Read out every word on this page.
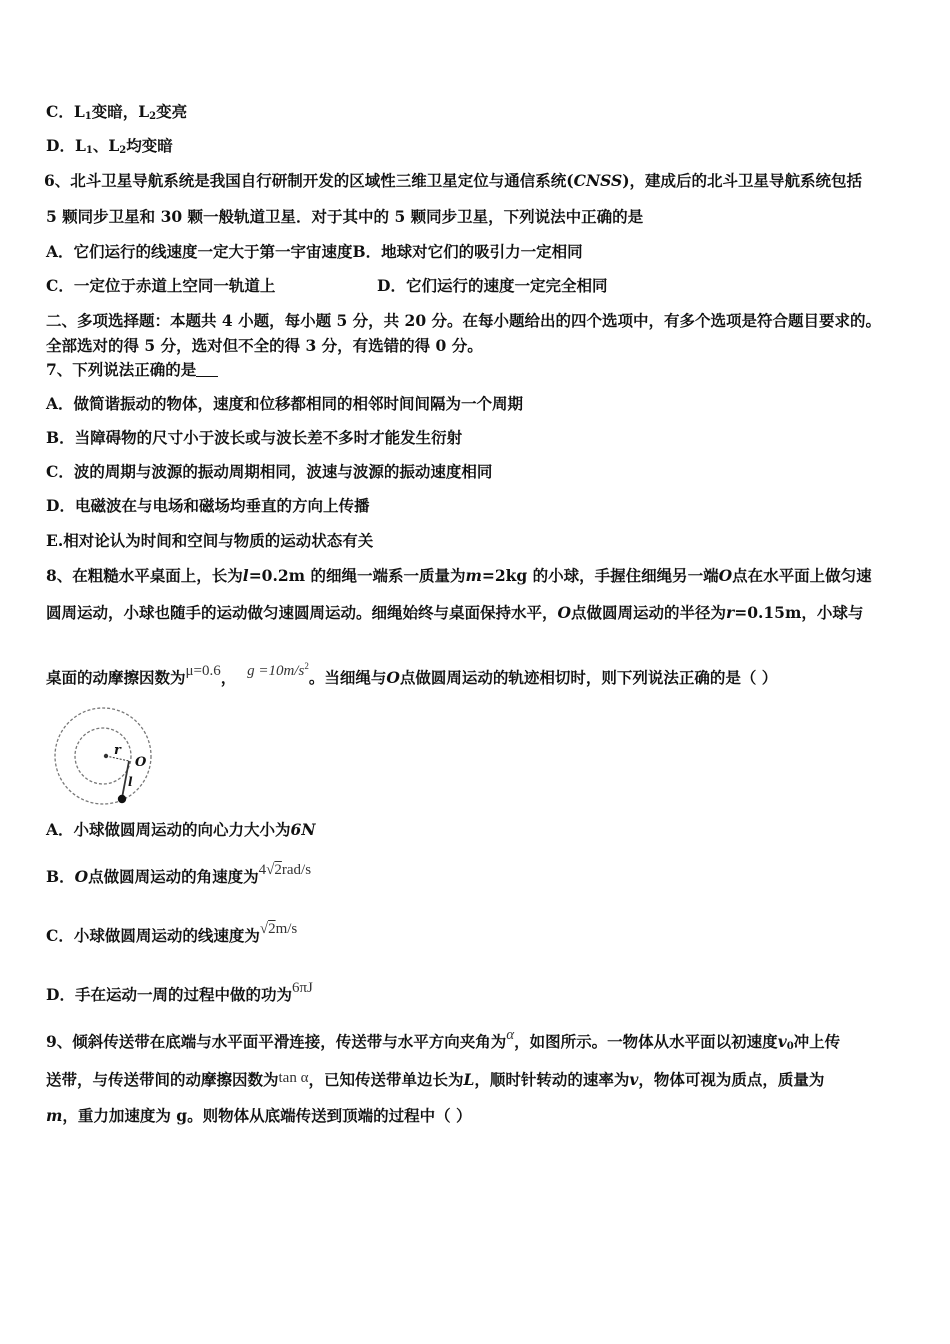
C．$L_1$变暗，$L_2$变亮
D．$L_1$、$L_2$均变暗
6、北斗卫星导航系统是我国自行研制开发的区域性三维卫星定位与通信系统(CNSS)，建成后的北斗卫星导航系统包括
5 颗同步卫星和 30 颗一般轨道卫星．对于其中的 5 颗同步卫星，下列说法中正确的是
A．它们运行的线速度一定大于第一宇宙速度B．地球对它们的吸引力一定相同
C．一定位于赤道上空同一轨道上	D．它们运行的速度一定完全相同
二、多项选择题：本题共 4 小题，每小题 5 分，共 20 分。在每小题给出的四个选项中，有多个选项是符合题目要求的。
全部选对的得 5 分，选对但不全的得 3 分，有选错的得 0 分。
7、下列说法正确的是
A．做简谐振动的物体，速度和位移都相同的相邻时间间隔为一个周期
B．当障碍物的尺寸小于波长或与波长差不多时才能发生衍射
C．波的周期与波源的振动周期相同，波速与波源的振动速度相同
D．电磁波在与电场和磁场均垂直的方向上传播
E.相对论认为时间和空间与物质的运动状态有关
8、在粗糙水平桌面上，长为l=0.2m 的细绳一端系一质量为m=2kg 的小球，手握住细绳另一端O点在水平面上做匀速
圆周运动，小球也随手的运动做匀速圆周运动。细绳始终与桌面保持水平，O点做圆周运动的半径为r=0.15m，小球与
桌面的动摩擦因数为μ=0.6， $g =10m/s^2$。当细绳与O点做圆周运动的轨迹相切时，则下列说法正确的是（ ）
r
O
l
A．小球做圆周运动的向心力大小为6N
B．O点做圆周运动的角速度为4√2rad/s
C．小球做圆周运动的线速度为√2m/s
D．手在运动一周的过程中做的功为6πJ
9、倾斜传送带在底端与水平面平滑连接，传送带与水平方向夹角为α，如图所示。一物体从水平面以初速度$v_0$冲上传
送带，与传送带间的动摩擦因数为tan α，已知传送带单边长为L，顺时针转动的速率为v，物体可视为质点，质量为
m，重力加速度为 g。则物体从底端传送到顶端的过程中（ ）
